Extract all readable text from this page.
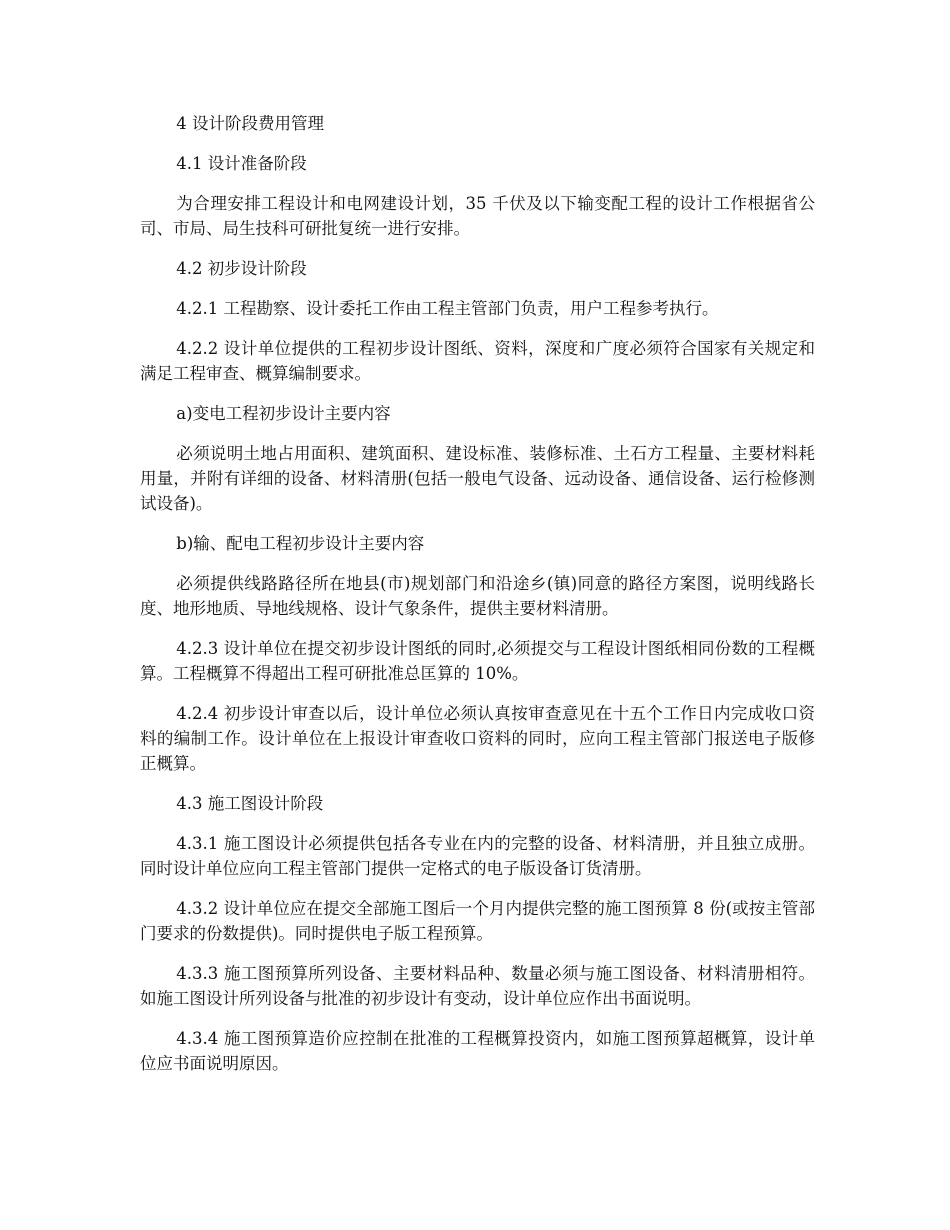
4 设计阶段费用管理

4.1 设计准备阶段

为合理安排工程设计和电网建设计划，35 千伏及以下输变配工程的设计工作根据省公司、市局、局生技科可研批复统一进行安排。

4.2 初步设计阶段

4.2.1 工程勘察、设计委托工作由工程主管部门负责，用户工程参考执行。

4.2.2 设计单位提供的工程初步设计图纸、资料，深度和广度必须符合国家有关规定和满足工程审查、概算编制要求。

a)变电工程初步设计主要内容

必须说明土地占用面积、建筑面积、建设标准、装修标准、土石方工程量、主要材料耗用量，并附有详细的设备、材料清册(包括一般电气设备、远动设备、通信设备、运行检修测试设备)。

b)输、配电工程初步设计主要内容

必须提供线路路径所在地县(市)规划部门和沿途乡(镇)同意的路径方案图，说明线路长度、地形地质、导地线规格、设计气象条件，提供主要材料清册。

4.2.3 设计单位在提交初步设计图纸的同时,必须提交与工程设计图纸相同份数的工程概算。工程概算不得超出工程可研批准总匡算的 10%。

4.2.4 初步设计审查以后，设计单位必须认真按审查意见在十五个工作日内完成收口资料的编制工作。设计单位在上报设计审查收口资料的同时，应向工程主管部门报送电子版修正概算。

4.3 施工图设计阶段

4.3.1 施工图设计必须提供包括各专业在内的完整的设备、材料清册，并且独立成册。同时设计单位应向工程主管部门提供一定格式的电子版设备订货清册。

4.3.2 设计单位应在提交全部施工图后一个月内提供完整的施工图预算 8 份(或按主管部门要求的份数提供)。同时提供电子版工程预算。

4.3.3 施工图预算所列设备、主要材料品种、数量必须与施工图设备、材料清册相符。如施工图设计所列设备与批准的初步设计有变动，设计单位应作出书面说明。

4.3.4 施工图预算造价应控制在批准的工程概算投资内，如施工图预算超概算，设计单位应书面说明原因。
